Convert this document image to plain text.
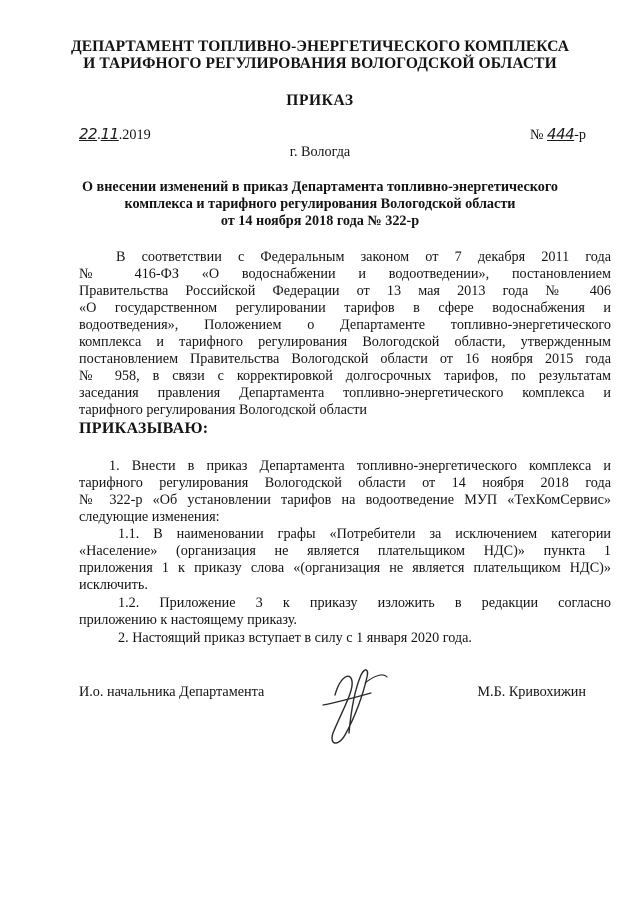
ДЕПАРТАМЕНТ ТОПЛИВНО-ЭНЕРГЕТИЧЕСКОГО КОМПЛЕКСА
И ТАРИФНОГО РЕГУЛИРОВАНИЯ ВОЛОГОДСКОЙ ОБЛАСТИ
ПРИКАЗ
22.11.2019	№ 444-р
г. Вологда
О внесении изменений в приказ Департамента топливно-энергетического
комплекса и тарифного регулирования Вологодской области
от 14 ноября 2018 года № 322-р
В соответствии с Федеральным законом от 7 декабря 2011 года
№ 416-ФЗ «О водоснабжении и водоотведении», постановлением
Правительства Российской Федерации от 13 мая 2013 года № 406
«О государственном регулировании тарифов в сфере водоснабжения и
водоотведения», Положением о Департаменте топливно-энергетического
комплекса и тарифного регулирования Вологодской области, утвержденным
постановлением Правительства Вологодской области от 16 ноября 2015 года
№ 958, в связи с корректировкой долгосрочных тарифов, по результатам
заседания правления Департамента топливно-энергетического комплекса и
тарифного регулирования Вологодской области
ПРИКАЗЫВАЮ:
1. Внести в приказ Департамента топливно-энергетического комплекса и
тарифного регулирования Вологодской области от 14 ноября 2018 года
№ 322-р «Об установлении тарифов на водоотведение МУП «ТехКомСервис»
следующие изменения:
1.1. В наименовании графы «Потребители за исключением категории
«Население» (организация не является плательщиком НДС)» пункта 1
приложения 1 к приказу слова «(организация не является плательщиком НДС)»
исключить.
1.2. Приложение 3 к приказу изложить в редакции согласно
приложению к настоящему приказу.
2. Настоящий приказ вступает в силу с 1 января 2020 года.
И.о. начальника Департамента	М.Б. Кривохижин
